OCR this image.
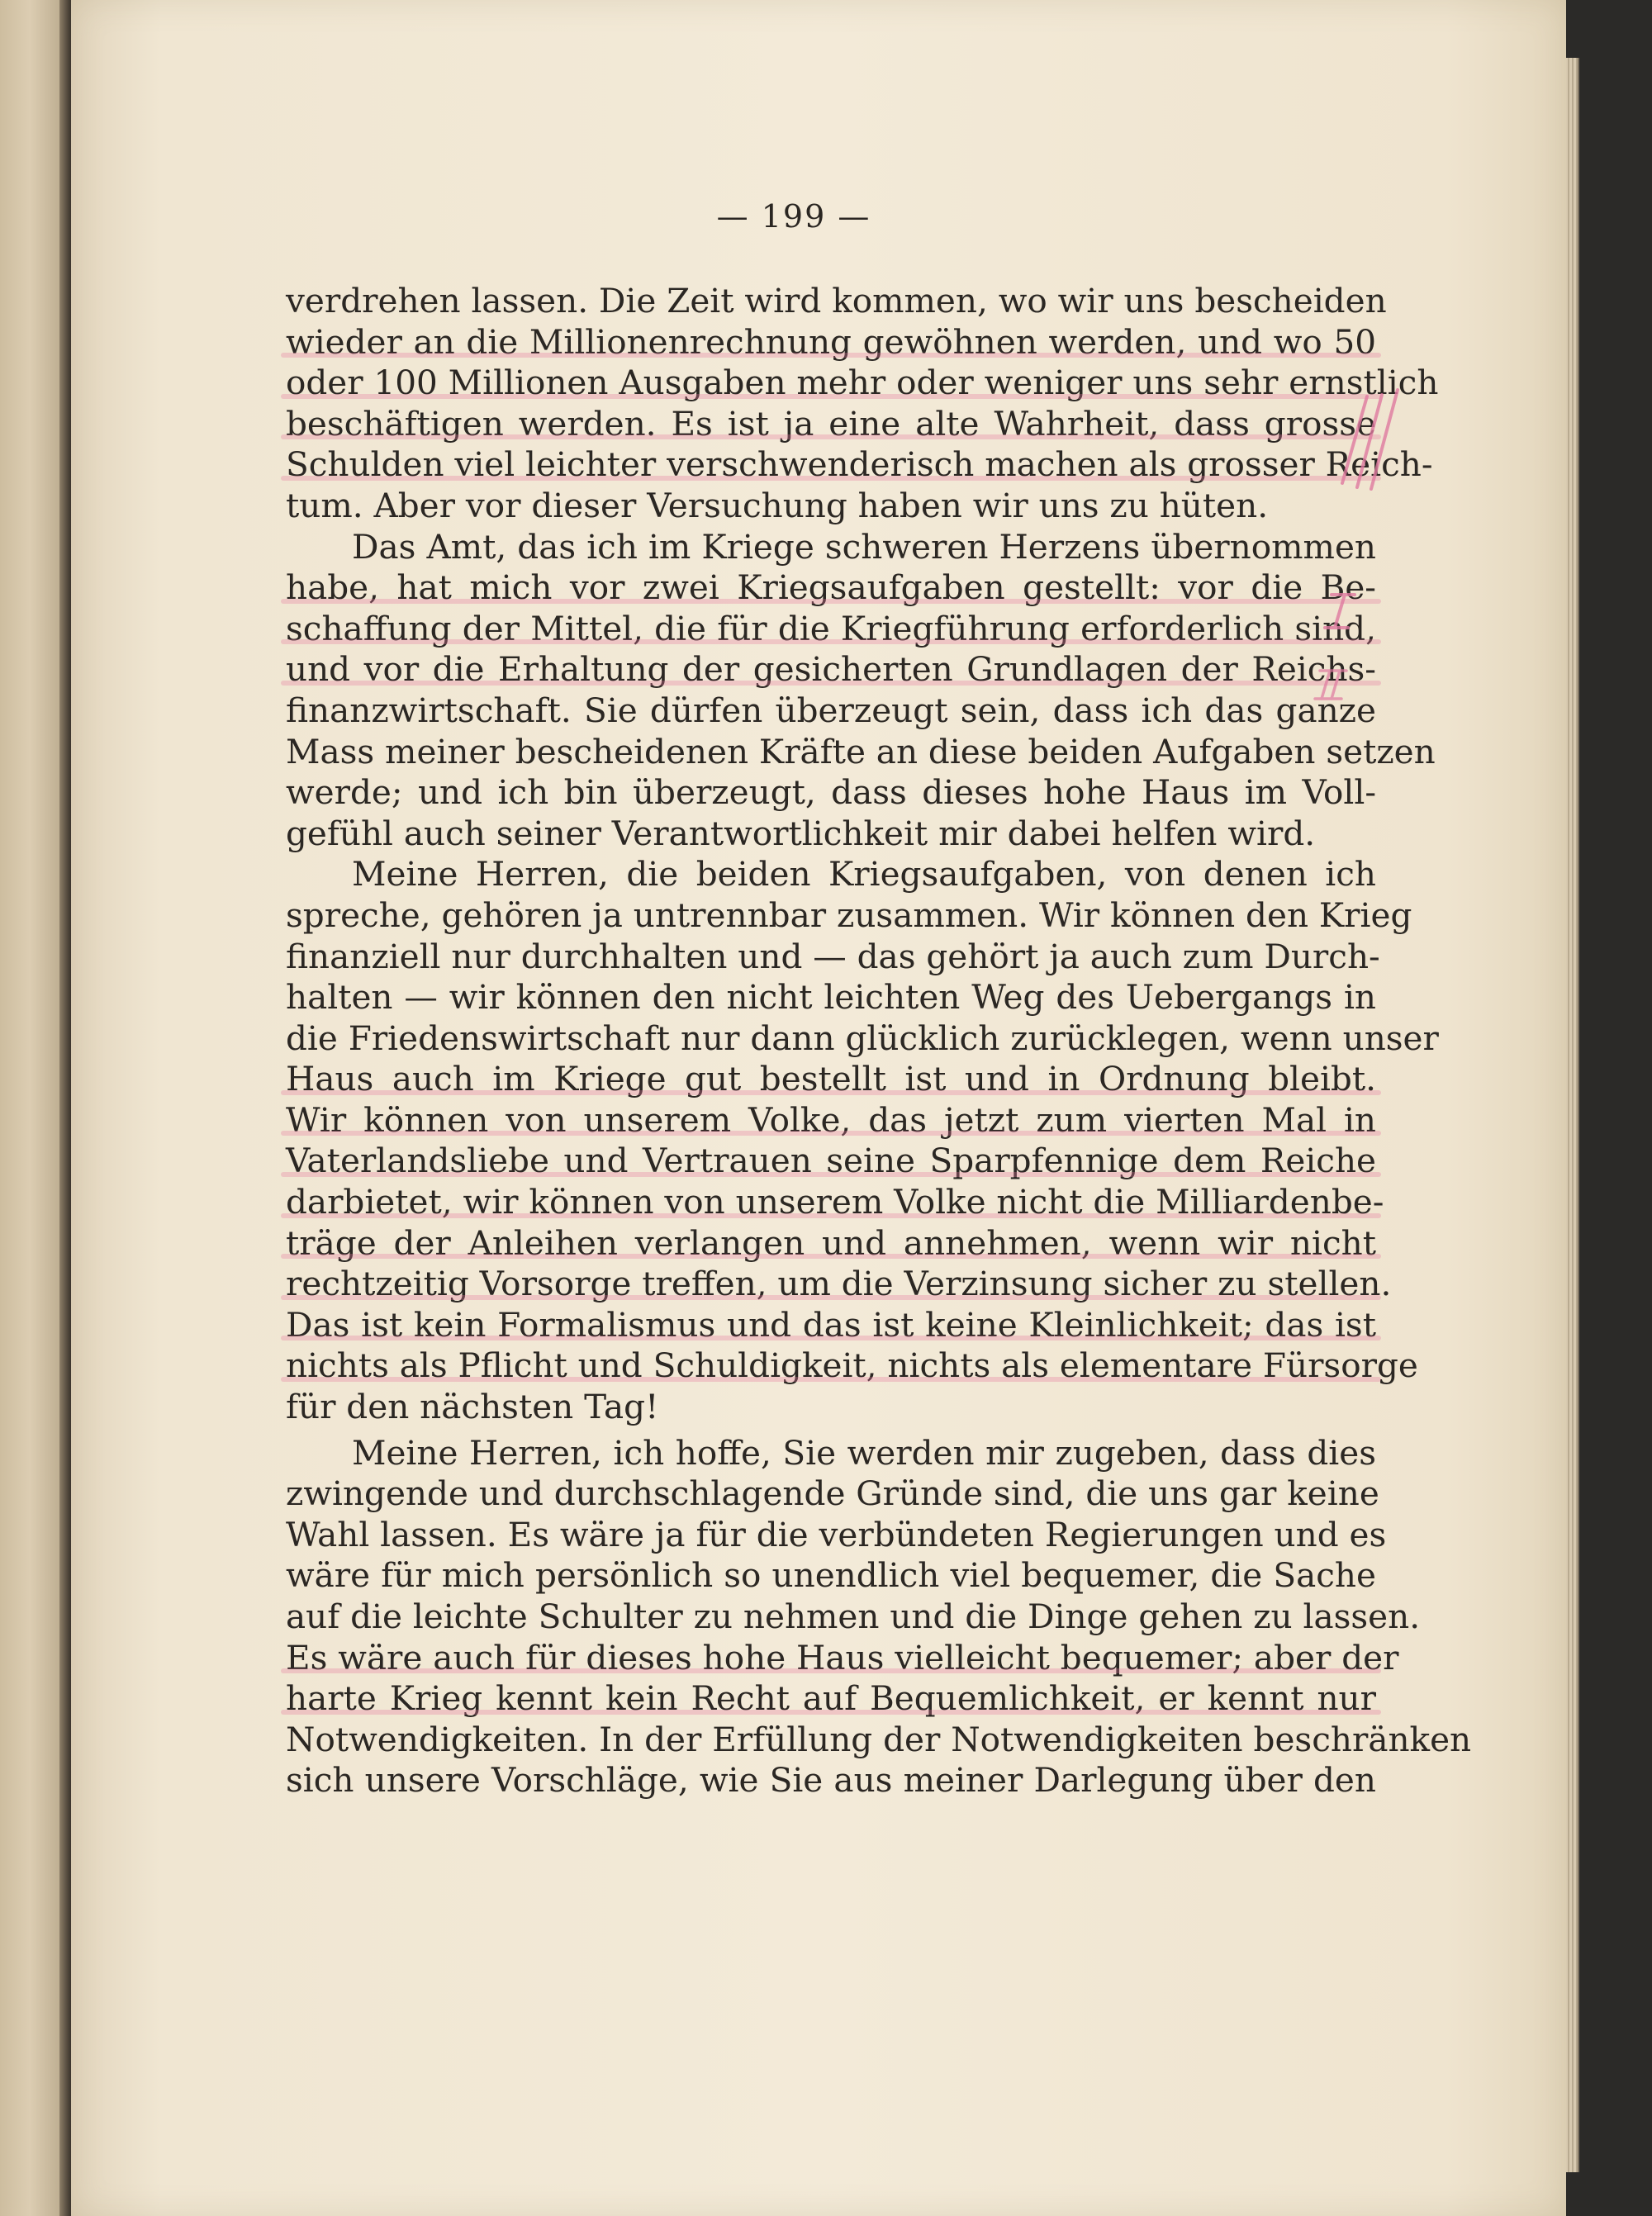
— 199 —
verdrehen lassen. Die Zeit wird kommen, wo wir uns bescheiden
wieder an die Millionenrechnung gewöhnen werden, und wo 50
oder 100 Millionen Ausgaben mehr oder weniger uns sehr ernstlich
beschäftigen werden. Es ist ja eine alte Wahrheit, dass grosse
Schulden viel leichter verschwenderisch machen als grosser Reich-
tum. Aber vor dieser Versuchung haben wir uns zu hüten.
Das Amt, das ich im Kriege schweren Herzens übernommen
habe, hat mich vor zwei Kriegsaufgaben gestellt: vor die Be-
schaffung der Mittel, die für die Kriegführung erforderlich sind,
und vor die Erhaltung der gesicherten Grundlagen der Reichs-
finanzwirtschaft. Sie dürfen überzeugt sein, dass ich das ganze
Mass meiner bescheidenen Kräfte an diese beiden Aufgaben setzen
werde; und ich bin überzeugt, dass dieses hohe Haus im Voll-
gefühl auch seiner Verantwortlichkeit mir dabei helfen wird.
Meine Herren, die beiden Kriegsaufgaben, von denen ich
spreche, gehören ja untrennbar zusammen. Wir können den Krieg
finanziell nur durchhalten und — das gehört ja auch zum Durch-
halten — wir können den nicht leichten Weg des Uebergangs in
die Friedenswirtschaft nur dann glücklich zurücklegen, wenn unser
Haus auch im Kriege gut bestellt ist und in Ordnung bleibt.
Wir können von unserem Volke, das jetzt zum vierten Mal in
Vaterlandsliebe und Vertrauen seine Sparpfennige dem Reiche
darbietet, wir können von unserem Volke nicht die Milliardenbe-
träge der Anleihen verlangen und annehmen, wenn wir nicht
rechtzeitig Vorsorge treffen, um die Verzinsung sicher zu stellen.
Das ist kein Formalismus und das ist keine Kleinlichkeit; das ist
nichts als Pflicht und Schuldigkeit, nichts als elementare Fürsorge
für den nächsten Tag!
Meine Herren, ich hoffe, Sie werden mir zugeben, dass dies
zwingende und durchschlagende Gründe sind, die uns gar keine
Wahl lassen. Es wäre ja für die verbündeten Regierungen und es
wäre für mich persönlich so unendlich viel bequemer, die Sache
auf die leichte Schulter zu nehmen und die Dinge gehen zu lassen.
Es wäre auch für dieses hohe Haus vielleicht bequemer; aber der
harte Krieg kennt kein Recht auf Bequemlichkeit, er kennt nur
Notwendigkeiten. In der Erfüllung der Notwendigkeiten beschränken
sich unsere Vorschläge, wie Sie aus meiner Darlegung über den
